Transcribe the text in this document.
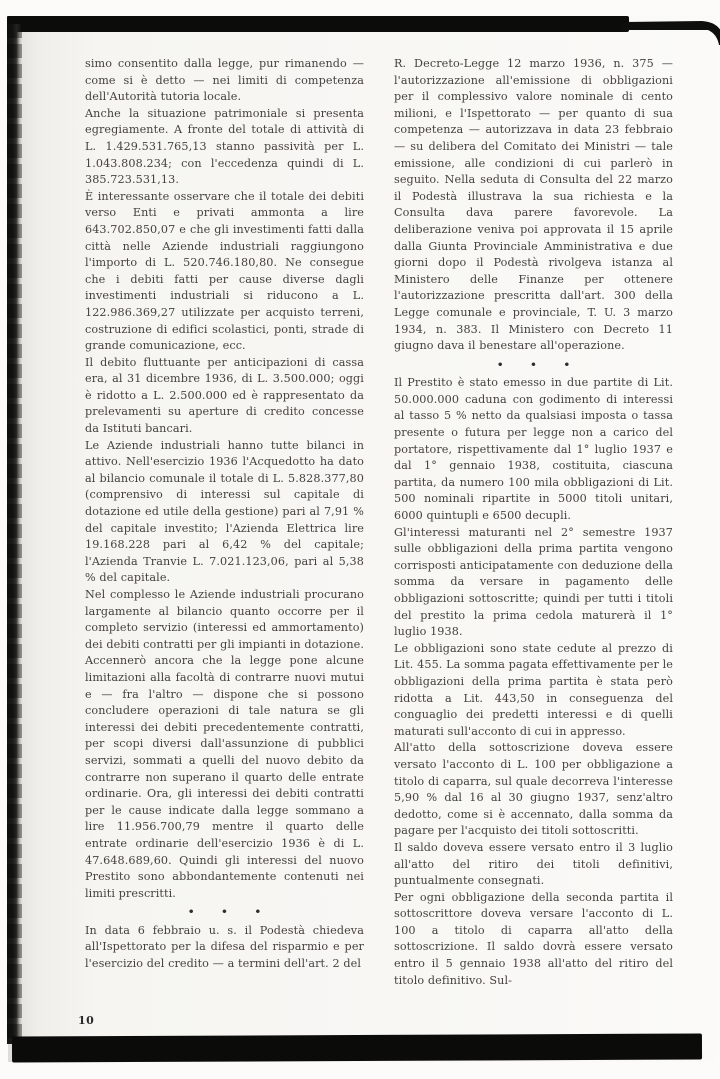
simo consentito dalla legge, pur rimanendo — come si è detto — nei limiti di competenza dell'Autorità tutoria locale.

Anche la situazione patrimoniale si presenta egregiamente. A fronte del totale di attività di L. 1.429.531.765,13 stanno passività per L. 1.043.808.234; con l'eccedenza quindi di L. 385.723.531,13.

È interessante osservare che il totale dei debiti verso Enti e privati ammonta a lire 643.702.850,07 e che gli investimenti fatti dalla città nelle Aziende industriali raggiungono l'importo di L. 520.746.180,80. Ne consegue che i debiti fatti per cause diverse dagli investimenti industriali si riducono a L. 122.986.369,27 utilizzate per acquisto terreni, costruzione di edifici scolastici, ponti, strade di grande comunicazione, ecc.

Il debito fluttuante per anticipazioni di cassa era, al 31 dicembre 1936, di L. 3.500.000; oggi è ridotto a L. 2.500.000 ed è rappresentato da prelevamenti su aperture di credito concesse da Istituti bancari.

Le Aziende industriali hanno tutte bilanci in attivo. Nell'esercizio 1936 l'Acquedotto ha dato al bilancio comunale il totale di L. 5.828.377,80 (comprensivo di interessi sul capitale di dotazione ed utile della gestione) pari al 7,91 % del capitale investito; l'Azienda Elettrica lire 19.168.228 pari al 6,42 % del capitale; l'Azienda Tranvie L. 7.021.123,06, pari al 5,38 % del capitale.

Nel complesso le Aziende industriali procurano largamente al bilancio quanto occorre per il completo servizio (interessi ed ammortamento) dei debiti contratti per gli impianti in dotazione.

Accennerò ancora che la legge pone alcune limitazioni alla facoltà di contrarre nuovi mutui e — fra l'altro — dispone che si possono concludere operazioni di tale natura se gli interessi dei debiti precedentemente contratti, per scopi diversi dall'assunzione di pubblici servizi, sommati a quelli del nuovo debito da contrarre non superano il quarto delle entrate ordinarie. Ora, gli interessi dei debiti contratti per le cause indicate dalla legge sommano a lire 11.956.700,79 mentre il quarto delle entrate ordinarie dell'esercizio 1936 è di L. 47.648.689,60. Quindi gli interessi del nuovo Prestito sono abbondantemente contenuti nei limiti prescritti.

• • •

In data 6 febbraio u. s. il Podestà chiedeva all'Ispettorato per la difesa del risparmio e per l'esercizio del credito — a termini dell'art. 2 del

R. Decreto-Legge 12 marzo 1936, n. 375 — l'autorizzazione all'emissione di obbligazioni per il complessivo valore nominale di cento milioni, e l'Ispettorato — per quanto di sua competenza — autorizzava in data 23 febbraio — su delibera del Comitato dei Ministri — tale emissione, alle condizioni di cui parlerò in seguito. Nella seduta di Consulta del 22 marzo il Podestà illustrava la sua richiesta e la Consulta dava parere favorevole. La deliberazione veniva poi approvata il 15 aprile dalla Giunta Provinciale Amministrativa e due giorni dopo il Podestà rivolgeva istanza al Ministero delle Finanze per ottenere l'autorizzazione prescritta dall'art. 300 della Legge comunale e provinciale, T. U. 3 marzo 1934, n. 383. Il Ministero con Decreto 11 giugno dava il benestare all'operazione.

• • •

Il Prestito è stato emesso in due partite di Lit. 50.000.000 caduna con godimento di interessi al tasso 5 % netto da qualsiasi imposta o tassa presente o futura per legge non a carico del portatore, rispettivamente dal 1° luglio 1937 e dal 1° gennaio 1938, costituita, ciascuna partita, da numero 100 mila obbligazioni di Lit. 500 nominali ripartite in 5000 titoli unitari, 6000 quintupli e 6500 decupli.

Gl'interessi maturanti nel 2° semestre 1937 sulle obbligazioni della prima partita vengono corrisposti anticipatamente con deduzione della somma da versare in pagamento delle obbligazioni sottoscritte; quindi per tutti i titoli del prestito la prima cedola maturerà il 1° luglio 1938.

Le obbligazioni sono state cedute al prezzo di Lit. 455. La somma pagata effettivamente per le obbligazioni della prima partita è stata però ridotta a Lit. 443,50 in conseguenza del conguaglio dei predetti interessi e di quelli maturati sull'acconto di cui in appresso.

All'atto della sottoscrizione doveva essere versato l'acconto di L. 100 per obbligazione a titolo di caparra, sul quale decorreva l'interesse 5,90 % dal 16 al 30 giugno 1937, senz'altro dedotto, come si è accennato, dalla somma da pagare per l'acquisto dei titoli sottoscritti.

Il saldo doveva essere versato entro il 3 luglio all'atto del ritiro dei titoli definitivi, puntualmente consegnati.

Per ogni obbligazione della seconda partita il sottoscrittore doveva versare l'acconto di L. 100 a titolo di caparra all'atto della sottoscrizione. Il saldo dovrà essere versato entro il 5 gennaio 1938 all'atto del ritiro del titolo definitivo. Sul-

10
